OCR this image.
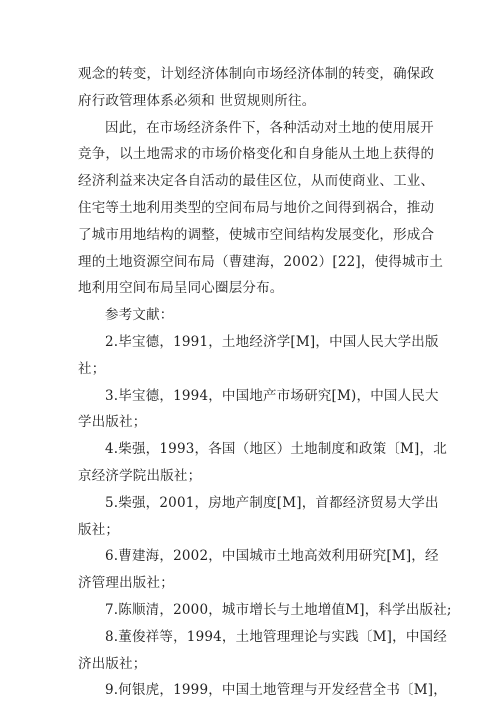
观念的转变，计划经济体制向市场经济体制的转变，确保政
府行政管理体系必须和 世贸规则所往。
因此，在市场经济条件下，各种活动对土地的使用展开
竞争，以土地需求的市场价格变化和自身能从土地上获得的
经济利益来决定各自活动的最佳区位，从而使商业、工业、
住宅等土地利用类型的空间布局与地价之间得到祸合，推动
了城市用地结构的调整，使城市空间结构发展变化，形成合
理的土地资源空间布局（曹建海，2002）[22]，使得城市土
地利用空间布局呈同心圈层分布。
参考文献：
2.毕宝德，1991，土地经济学[M]，中国人民大学出版
社；
3.毕宝德，1994，中国地产市场研究[M)，中国人民大
学出版社；
4.柴强，1993，各国（地区）土地制度和政策〔M]，北
京经济学院出版社；
5.柴强，2001，房地产制度[M]，首都经济贸易大学出
版社；
6.曹建海，2002，中国城市土地高效利用研究[M]，经
济管理出版社；
7.陈顺清，2000，城市增长与土地增值M]，科学出版社;
8.董俊祥等，1994，土地管理理论与实践〔M]，中国经
济出版社；
9.何银虎，1999，中国土地管理与开发经营全书〔M]，
